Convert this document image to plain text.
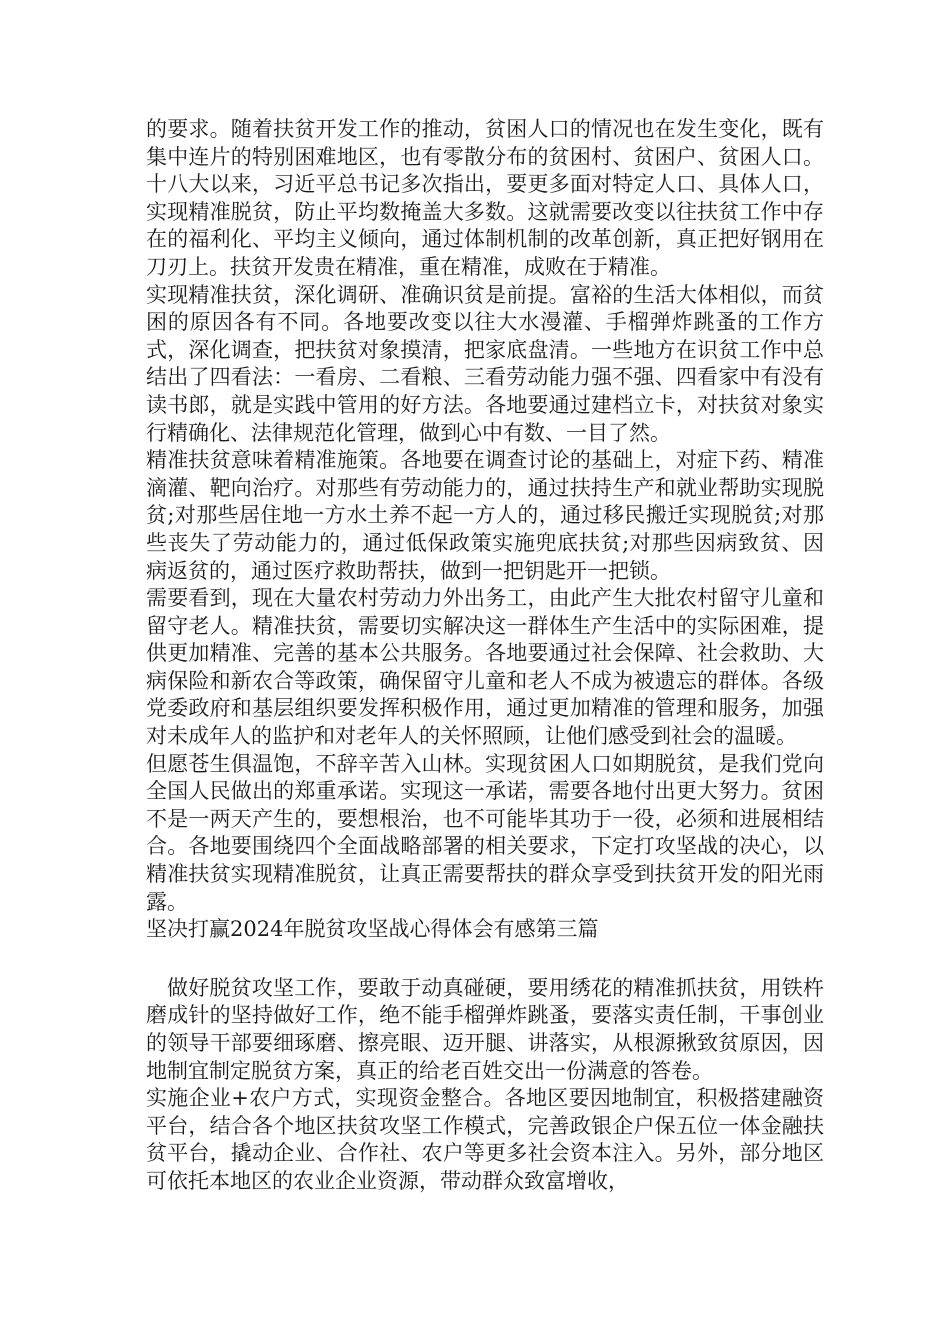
的要求。随着扶贫开发工作的推动，贫困人口的情况也在发生变化，既有集中连片的特别困难地区，也有零散分布的贫困村、贫困户、贫困人口。十八大以来，习近平总书记多次指出，要更多面对特定人口、具体人口，实现精准脱贫，防止平均数掩盖大多数。这就需要改变以往扶贫工作中存在的福利化、平均主义倾向，通过体制机制的改革创新，真正把好钢用在刀刃上。扶贫开发贵在精准，重在精准，成败在于精准。

实现精准扶贫，深化调研、准确识贫是前提。富裕的生活大体相似，而贫困的原因各有不同。各地要改变以往大水漫灌、手榴弹炸跳蚤的工作方式，深化调查，把扶贫对象摸清，把家底盘清。一些地方在识贫工作中总结出了四看法：一看房、二看粮、三看劳动能力强不强、四看家中有没有读书郎，就是实践中管用的好方法。各地要通过建档立卡，对扶贫对象实行精确化、法律规范化管理，做到心中有数、一目了然。

精准扶贫意味着精准施策。各地要在调查讨论的基础上，对症下药、精准滴灌、靶向治疗。对那些有劳动能力的，通过扶持生产和就业帮助实现脱贫;对那些居住地一方水土养不起一方人的，通过移民搬迁实现脱贫;对那些丧失了劳动能力的，通过低保政策实施兜底扶贫;对那些因病致贫、因病返贫的，通过医疗救助帮扶，做到一把钥匙开一把锁。

需要看到，现在大量农村劳动力外出务工，由此产生大批农村留守儿童和留守老人。精准扶贫，需要切实解决这一群体生产生活中的实际困难，提供更加精准、完善的基本公共服务。各地要通过社会保障、社会救助、大病保险和新农合等政策，确保留守儿童和老人不成为被遗忘的群体。各级党委政府和基层组织要发挥积极作用，通过更加精准的管理和服务，加强对未成年人的监护和对老年人的关怀照顾，让他们感受到社会的温暖。

但愿苍生俱温饱，不辞辛苦入山林。实现贫困人口如期脱贫，是我们党向全国人民做出的郑重承诺。实现这一承诺，需要各地付出更大努力。贫困不是一两天产生的，要想根治，也不可能毕其功于一役，必须和进展相结合。各地要围绕四个全面战略部署的相关要求，下定打攻坚战的决心，以精准扶贫实现精准脱贫，让真正需要帮扶的群众享受到扶贫开发的阳光雨露。

坚决打赢2024年脱贫攻坚战心得体会有感第三篇

做好脱贫攻坚工作，要敢于动真碰硬，要用绣花的精准抓扶贫，用铁杵磨成针的坚持做好工作，绝不能手榴弹炸跳蚤，要落实责任制，干事创业的领导干部要细琢磨、擦亮眼、迈开腿、讲落实，从根源揪致贫原因，因地制宜制定脱贫方案，真正的给老百姓交出一份满意的答卷。

实施企业+农户方式，实现资金整合。各地区要因地制宜，积极搭建融资平台，结合各个地区扶贫攻坚工作模式，完善政银企户保五位一体金融扶贫平台，撬动企业、合作社、农户等更多社会资本注入。另外，部分地区可依托本地区的农业企业资源，带动群众致富增收，
